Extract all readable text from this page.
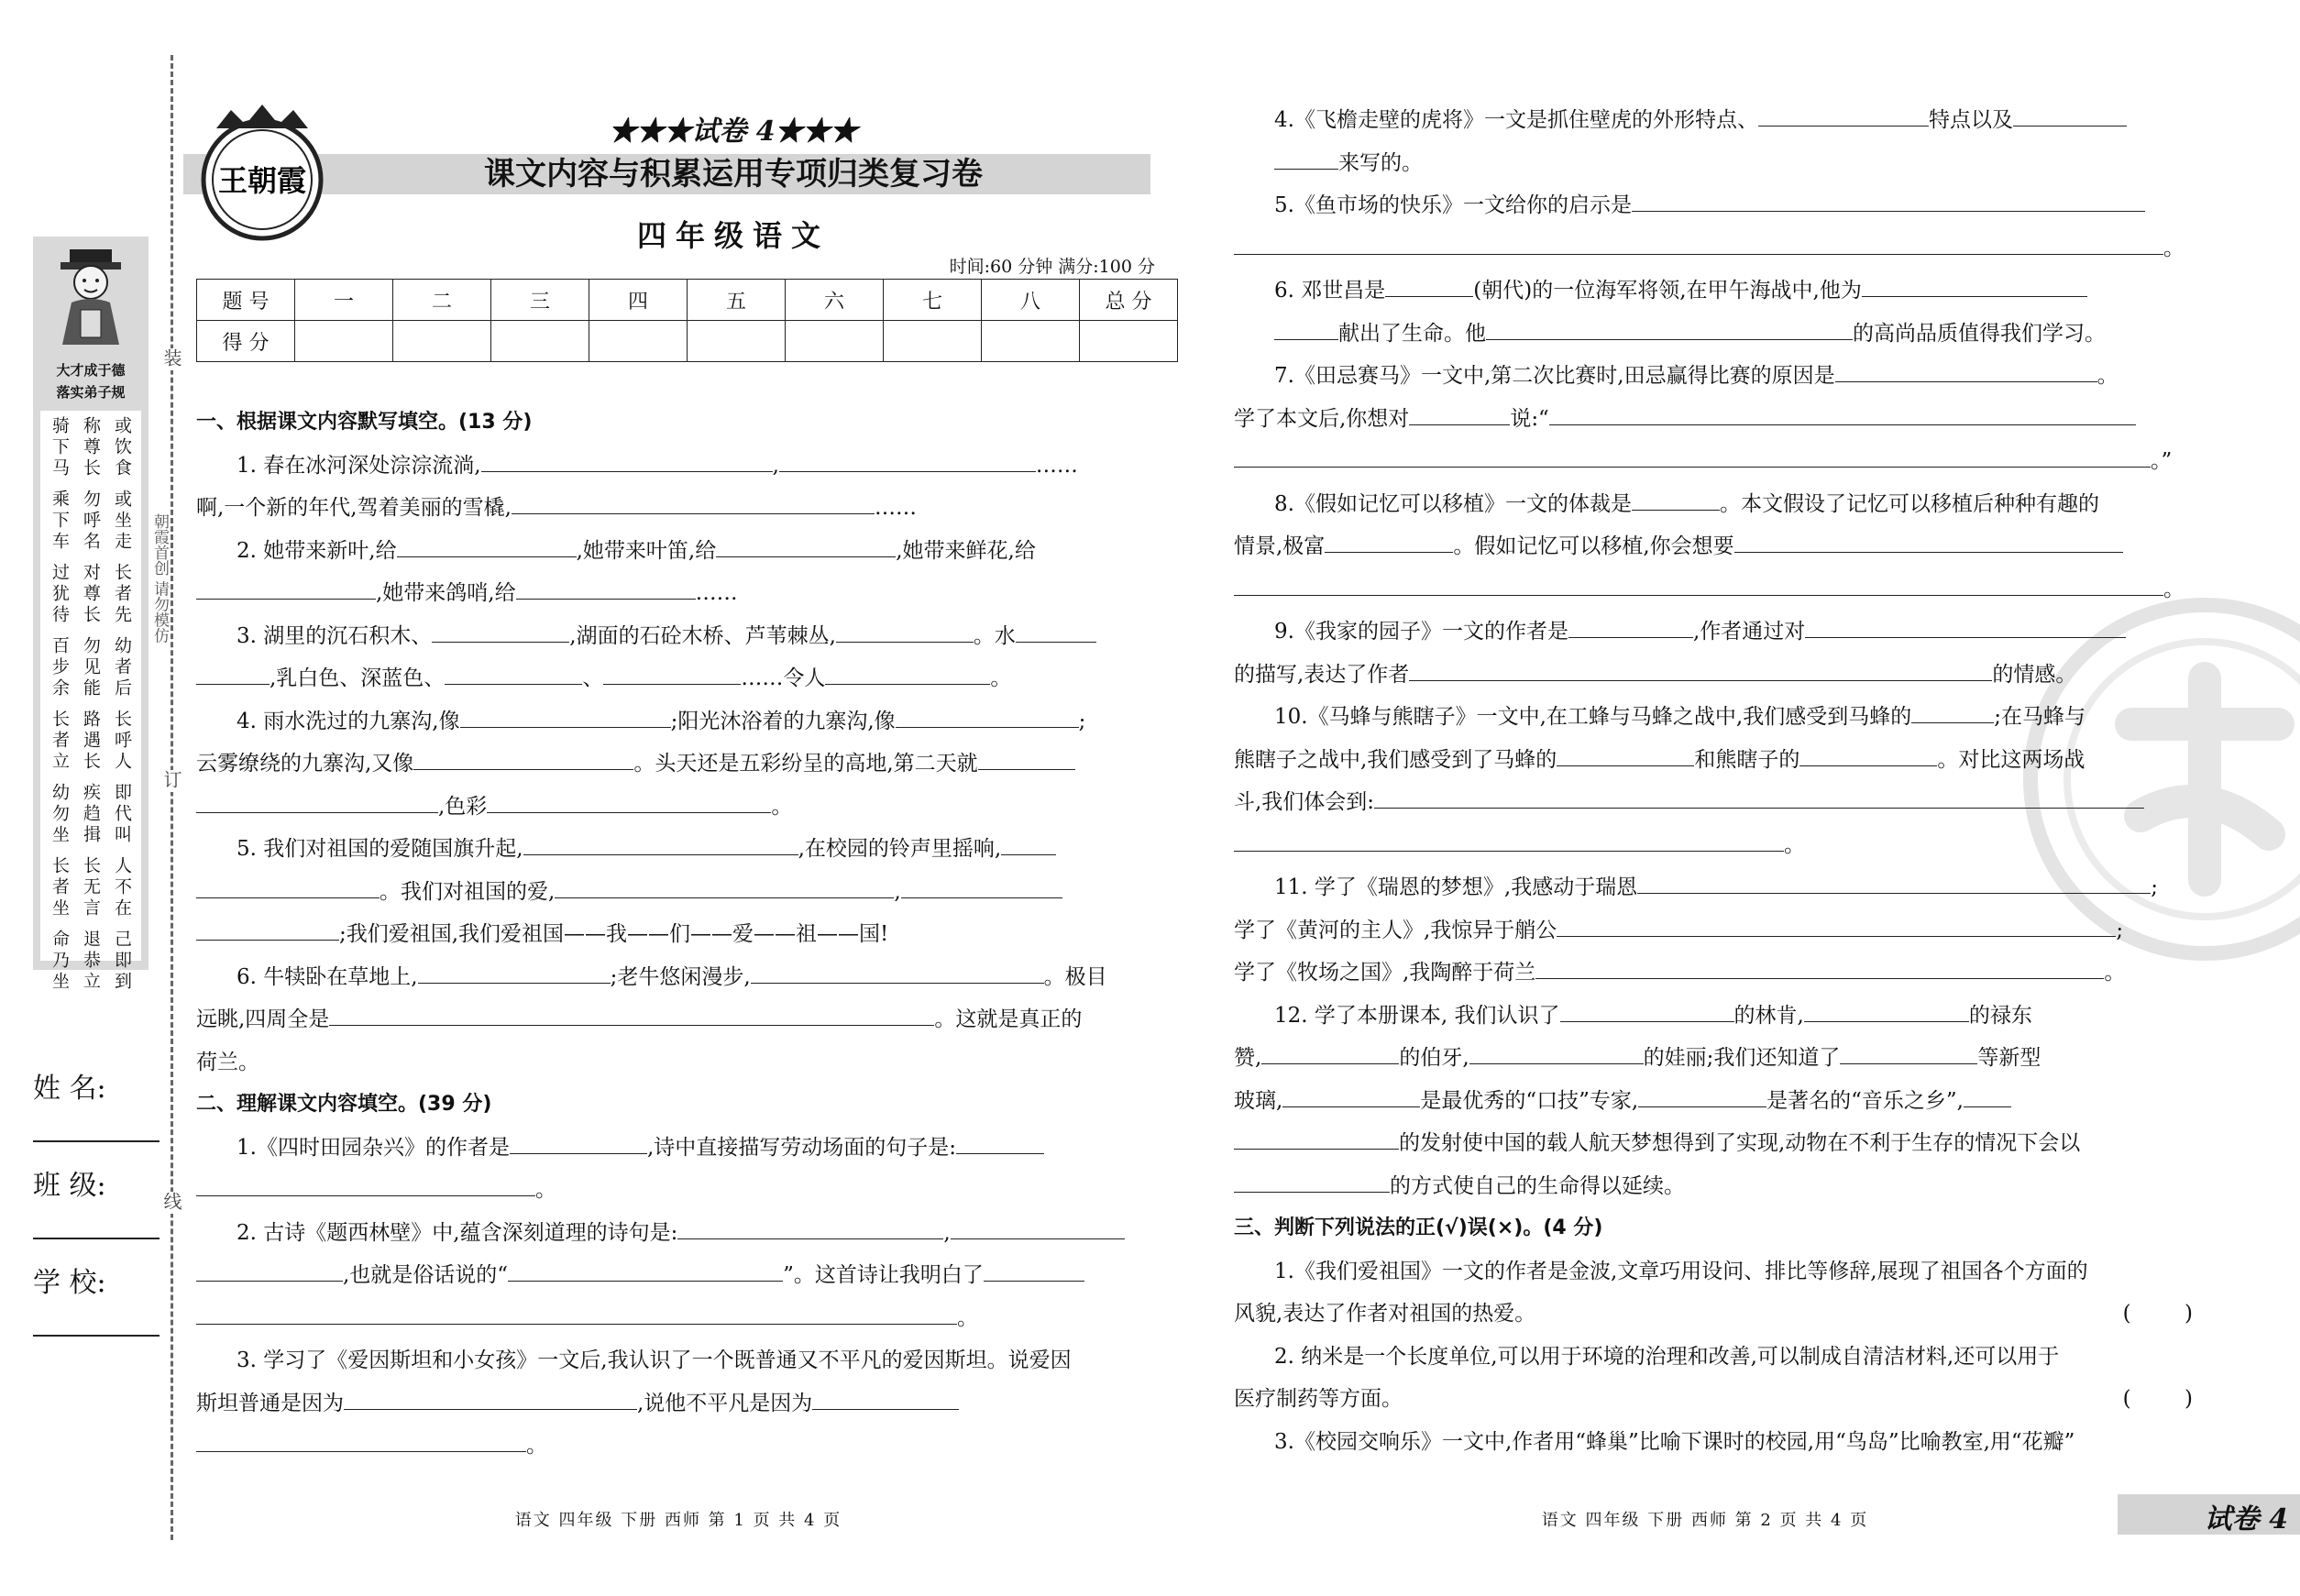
大才成于德
落实弟子规
或饮食
称尊长
骑下马
或坐走
勿呼名
乘下车
长者先
对尊长
过犹待
幼者后
勿见能
百步余
长呼人
路遇长
长者立
即代叫
疾趋揖
幼勿坐
人不在
长无言
长者坐
己即到
退恭立
命乃坐
姓 名:
班 级:
学 校:
装
订
线
朝霞首创 请勿模仿
王朝霞
★★★试卷 4★★★
课文内容与积累运用专项归类复习卷
四年级语文
时间:60 分钟 满分:100 分
题 号	一	二	三	四	五	六	七	八	总 分
得 分									
一、根据课文内容默写填空。(13 分)
1. 春在冰河深处淙淙流淌,	,	……
啊,一个新的年代,驾着美丽的雪橇,	……
2. 她带来新叶,给	,她带来叶笛,给	,她带来鲜花,给
,她带来鸽哨,给	……
3. 湖里的沉石积木、	,湖面的石砼木桥、芦苇棘丛,	。水
,乳白色、深蓝色、	、	……令人	。
4. 雨水洗过的九寨沟,像	;阳光沐浴着的九寨沟,像	;
云雾缭绕的九寨沟,又像	。头天还是五彩纷呈的高地,第二天就
,色彩	。
5. 我们对祖国的爱随国旗升起,	,在校园的铃声里摇响,
。我们对祖国的爱,	,
;我们爱祖国,我们爱祖国——我——们——爱——祖——国!
6. 牛犊卧在草地上,	;老牛悠闲漫步,	。极目
远眺,四周全是	。这就是真正的
荷兰。
二、理解课文内容填空。(39 分)
1.《四时田园杂兴》的作者是	,诗中直接描写劳动场面的句子是:
。
2. 古诗《题西林壁》中,蕴含深刻道理的诗句是:	,
,也就是俗话说的“	”。这首诗让我明白了
。
3. 学习了《爱因斯坦和小女孩》一文后,我认识了一个既普通又不平凡的爱因斯坦。说爱因
斯坦普通是因为	,说他不平凡是因为
。
4.《飞檐走壁的虎将》一文是抓住壁虎的外形特点、	特点以及
来写的。
5.《鱼市场的快乐》一文给你的启示是
。
6. 邓世昌是	(朝代)的一位海军将领,在甲午海战中,他为
献出了生命。他	的高尚品质值得我们学习。
7.《田忌赛马》一文中,第二次比赛时,田忌赢得比赛的原因是	。
学了本文后,你想对	说:“
。”
8.《假如记忆可以移植》一文的体裁是	。本文假设了记忆可以移植后种种有趣的
情景,极富	。假如记忆可以移植,你会想要
。
9.《我家的园子》一文的作者是	,作者通过对
的描写,表达了作者	的情感。
10.《马蜂与熊瞎子》一文中,在工蜂与马蜂之战中,我们感受到马蜂的	;在马蜂与
熊瞎子之战中,我们感受到了马蜂的	和熊瞎子的	。对比这两场战
斗,我们体会到:
。
11. 学了《瑞恩的梦想》,我感动于瑞恩	;
学了《黄河的主人》,我惊异于艄公	;
学了《牧场之国》,我陶醉于荷兰	。
12. 学了本册课本, 我们认识了	的林肯,	的禄东
赞,	的伯牙,	的娃丽;我们还知道了	等新型
玻璃,	是最优秀的“口技”专家,	是著名的“音乐之乡”,
的发射使中国的载人航天梦想得到了实现,动物在不利于生存的情况下会以
的方式使自己的生命得以延续。
三、判断下列说法的正(√)误(×)。(4 分)
1.《我们爱祖国》一文的作者是金波,文章巧用设问、排比等修辞,展现了祖国各个方面的
风貌,表达了作者对祖国的热爱。	(        )
2. 纳米是一个长度单位,可以用于环境的治理和改善,可以制成自清洁材料,还可以用于
医疗制药等方面。	(        )
3.《校园交响乐》一文中,作者用“蜂巢”比喻下课时的校园,用“鸟岛”比喻教室,用“花瓣”
语文 四年级 下册 西师 第 1 页 共 4 页	语文 四年级 下册 西师 第 2 页 共 4 页	试卷 4
